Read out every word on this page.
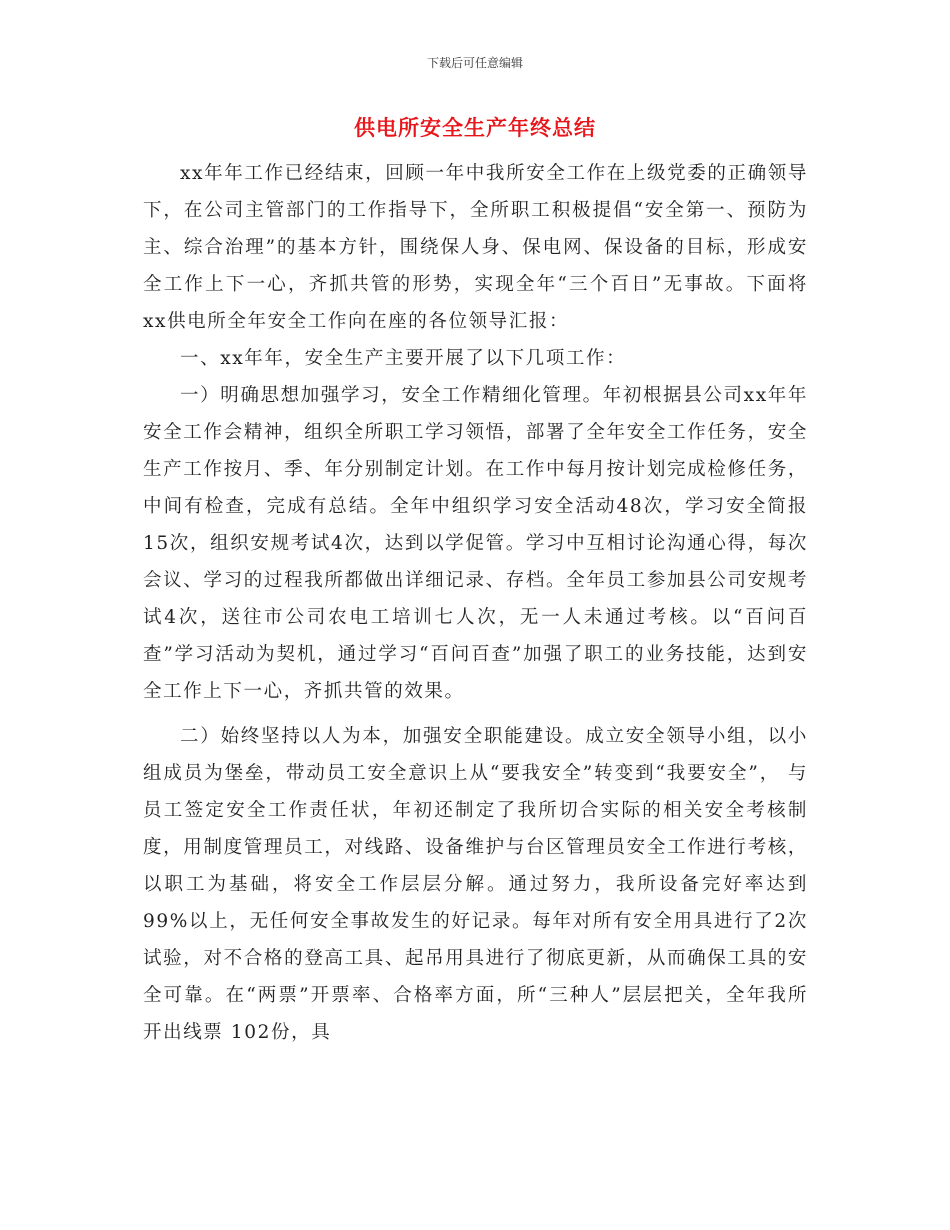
下载后可任意编辑
供电所安全生产年终总结

xx年年工作已经结束，回顾一年中我所安全工作在上级党委的正确领导下，在公司主管部门的工作指导下，全所职工积极提倡“安全第一、预防为主、综合治理”的基本方针，围绕保人身、保电网、保设备的目标，形成安全工作上下一心，齐抓共管的形势，实现全年“三个百日”无事故。下面将xx供电所全年安全工作向在座的各位领导汇报：

一、xx年年，安全生产主要开展了以下几项工作：

一）明确思想加强学习，安全工作精细化管理。年初根据县公司xx年年安全工作会精神，组织全所职工学习领悟，部署了全年安全工作任务，安全生产工作按月、季、年分别制定计划。在工作中每月按计划完成检修任务，中间有检查，完成有总结。全年中组织学习安全活动48次，学习安全简报15次，组织安规考试4次，达到以学促管。学习中互相讨论沟通心得，每次会议、学习的过程我所都做出详细记录、存档。全年员工参加县公司安规考试4次，送往市公司农电工培训七人次，无一人未通过考核。以“百问百查”学习活动为契机，通过学习“百问百查”加强了职工的业务技能，达到安全工作上下一心，齐抓共管的效果。

二）始终坚持以人为本，加强安全职能建设。成立安全领导小组，以小组成员为堡垒，带动员工安全意识上从“要我安全”转变到“我要安全”， 与员工签定安全工作责任状，年初还制定了我所切合实际的相关安全考核制度，用制度管理员工，对线路、设备维护与台区管理员安全工作进行考核，以职工为基础，将安全工作层层分解。通过努力，我所设备完好率达到99%以上，无任何安全事故发生的好记录。每年对所有安全用具进行了2次试验，对不合格的登高工具、起吊用具进行了彻底更新，从而确保工具的安全可靠。在“两票”开票率、合格率方面，所“三种人”层层把关，全年我所开出线票 102份，具
